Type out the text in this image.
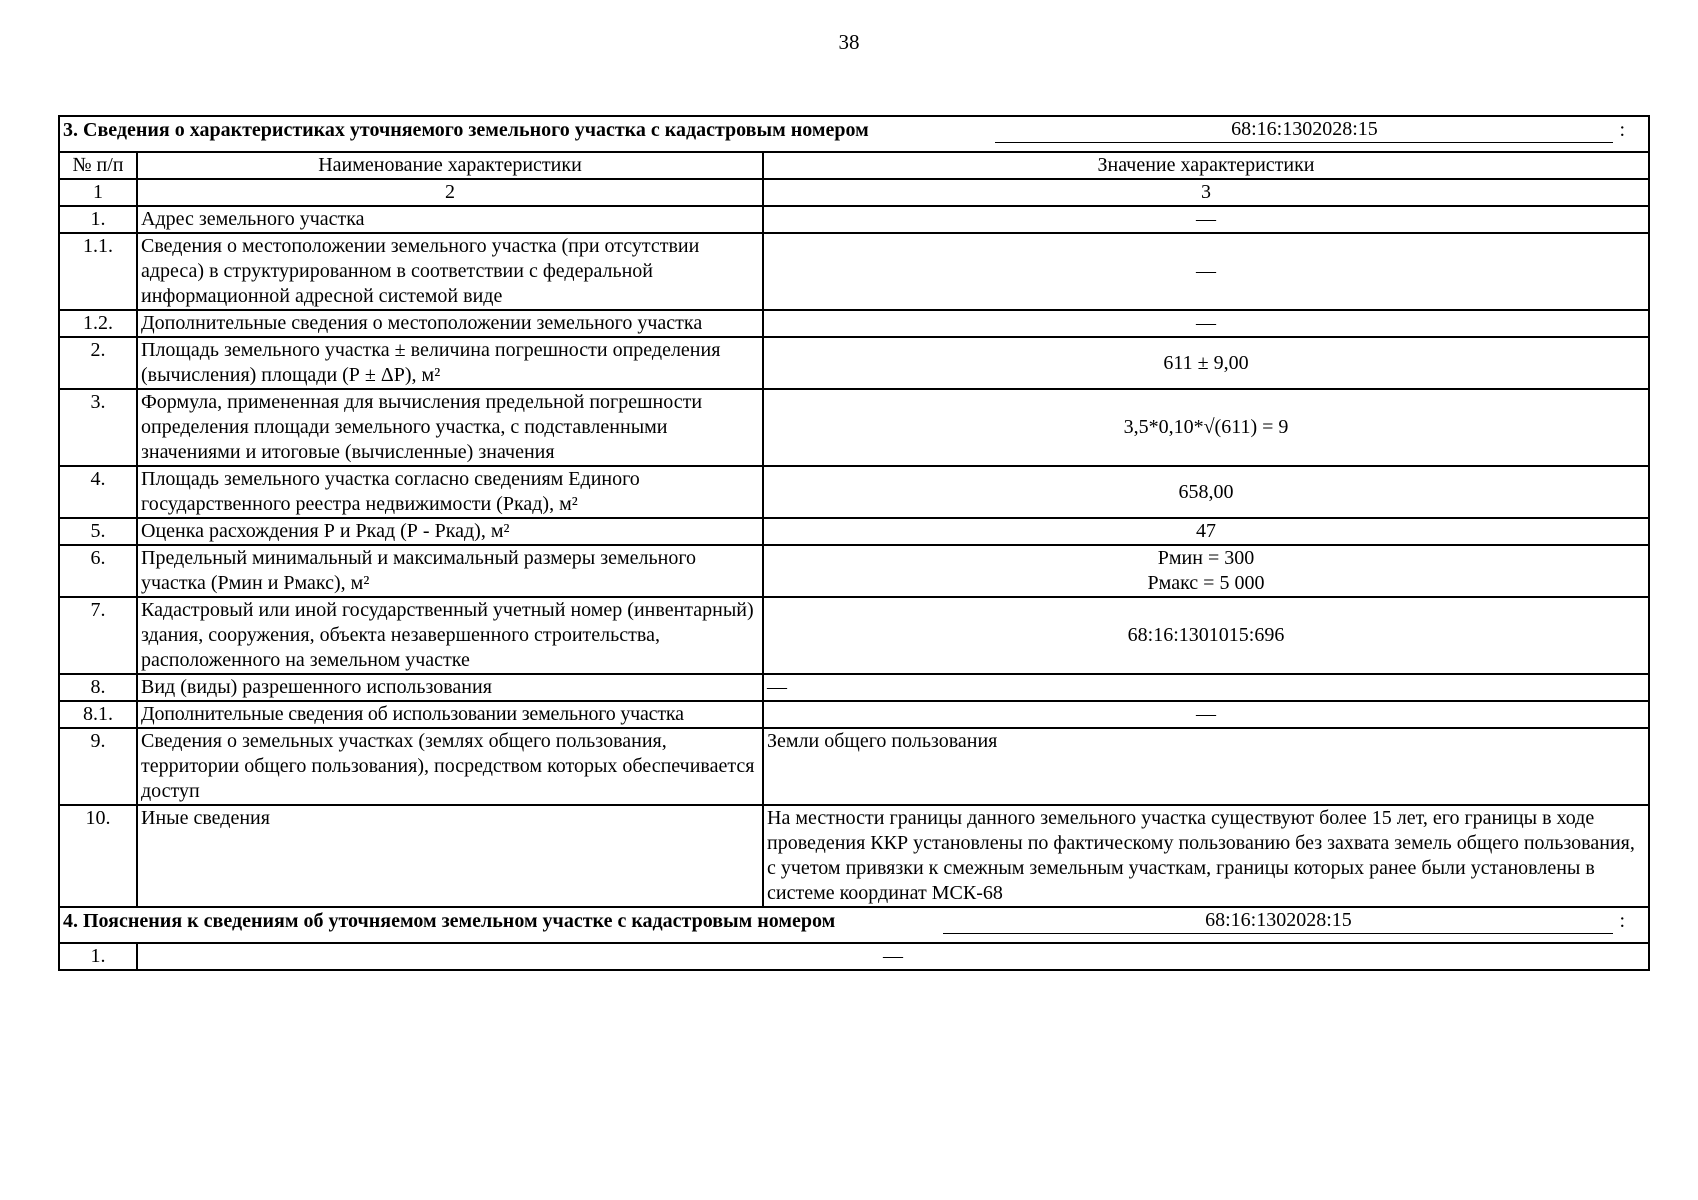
38
3. Сведения о характеристиках уточняемого земельного участка с кадастровым номером 68:16:1302028:15 :		

№ п/п	Наименование характеристики	Значение характеристики
1	2	3
1.	Адрес земельного участка	—
1.1.	Сведения о местоположении земельного участка (при отсутствии адреса) в структурированном в соответствии с федеральной информационной адресной системой виде	—
1.2.	Дополнительные сведения о местоположении земельного участка	—
2.	Площадь земельного участка ± величина погрешности определения (вычисления) площади (Р ± ΔР), м²	611 ± 9,00
3.	Формула, примененная для вычисления предельной погрешности определения площади земельного участка, с подставленными значениями и итоговые (вычисленные) значения	3,5*0,10*√(611) = 9
4.	Площадь земельного участка согласно сведениям Единого государственного реестра недвижимости (Ркад), м²	658,00
5.	Оценка расхождения Р и Ркад (Р - Ркад), м²	47
6.	Предельный минимальный и максимальный размеры земельного участка (Рмин и Рмакс), м²	Рмин = 300
Рмакс = 5 000

7.	Кадастровый или иной государственный учетный номер (инвентарный) здания, сооружения, объекта незавершенного строительства, расположенного на земельном участке	68:16:1301015:696
8.	Вид (виды) разрешенного использования	—
8.1.	Дополнительные сведения об использовании земельного участка	—
9.	Сведения о земельных участках (землях общего пользования, территории общего пользования), посредством которых обеспечивается доступ	Земли общего пользования
10.	Иные сведения	На местности границы данного земельного участка существуют более 15 лет, его границы в ходе проведения ККР установлены по фактическому пользованию без захвата земель общего пользования, с учетом привязки к смежным земельным участкам, границы которых ранее были установлены в системе координат МСК-68

4. Пояснения к сведениям об уточняемом земельном участке с кадастровым номером 68:16:1302028:15 :		

1.	—	
